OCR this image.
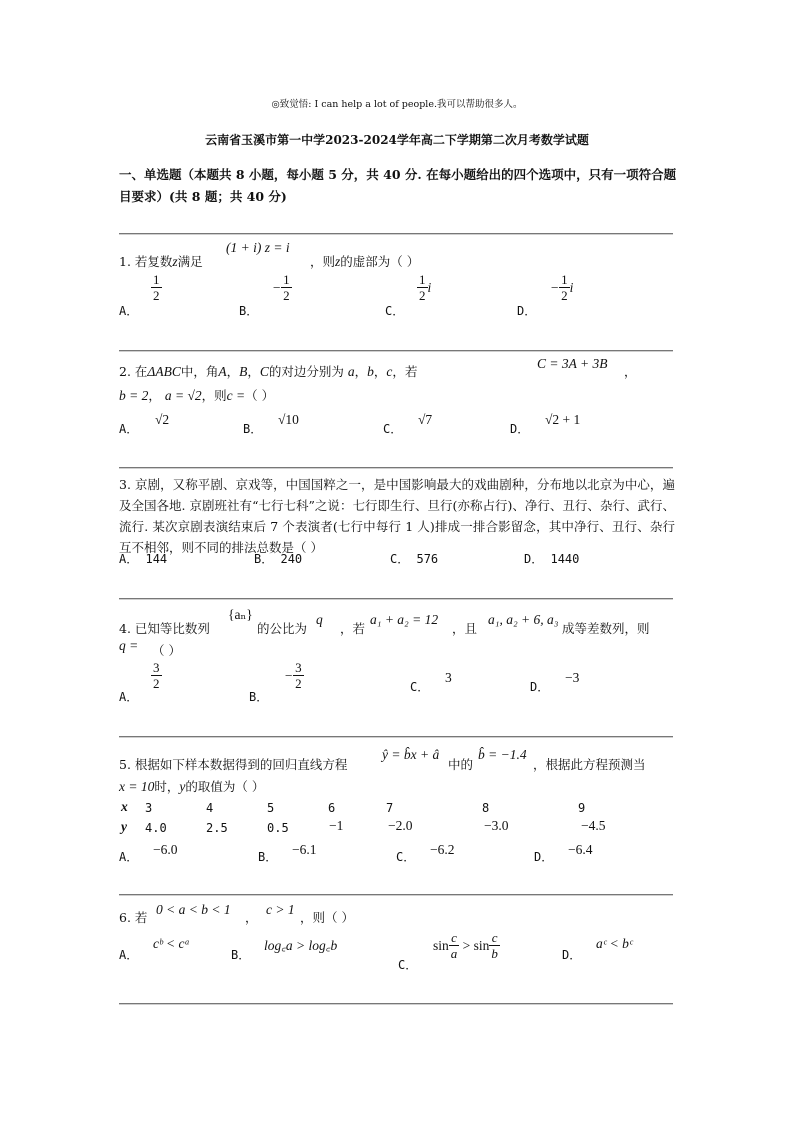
◎致觉悟: I can help a lot of people.我可以帮助很多人。
云南省玉溪市第一中学2023-2024学年高二下学期第二次月考数学试题
一、单选题（本题共 8 小题，每小题 5 分，共 40 分. 在每小题给出的四个选项中，只有一项符合题目要求）(共 8 题；共 40 分)
1. 若复数z满足
(1 + i) z = i
，则z的虚部为（ ）
A．
$\frac{1}{2}$
B．
− $\frac{1}{2}$
C．
$\frac{1}{2}$ i
D．
− $\frac{1}{2}$ i
2. 在ΔABC中，角A，B，C的对边分别为 a，b，c，若
C = 3A + 3B
，
b = 2， a = √2，则c =（ ）
A．
√2
B．
√10
C．
√7
D．
√2 + 1
3. 京剧，又称平剧、京戏等，中国国粹之一，是中国影响最大的戏曲剧种，分布地以北京为中心，遍及全国各地. 京剧班社有“七行七科”之说：七行即生行、旦行(亦称占行)、净行、丑行、杂行、武行、流行. 某次京剧表演结束后 7 个表演者(七行中每行 1 人)排成一排合影留念，其中净行、丑行、杂行互不相邻，则不同的排法总数是（ ）
A． 144	B． 240	C． 576	D． 1440
4. 已知等比数列
{aₙ}
的公比为
q
，若
a₁ + a₂ = 12
，且
a₁, a₂ + 6, a₃
成等差数列，则
q = （ ）
A．
$\frac{3}{2}$
B．
− $\frac{3}{2}$	C．
3
D．
−3
5. 根据如下样本数据得到的回归直线方程
ŷ = b̂x + â
中的
b̂ = −1.4
，根据此方程预测当
x = 10时，y的取值为（ ）
x 3	4	5	6	7	8	9
y 4.0	2.5	0.5	−1	−2.0	−3.0	−4.5
A． −6.0	B． −6.1	C． −6.2	D． −6.4
6. 若
0 < a < b < 1
，
c > 1
，则（ ）
A．
cᵇ < cᵃ
B．
log꜀a > log꜀b
C．
$\sin \frac{c}{a} > \sin \frac{c}{b}$	D．
aᶜ < bᶜ
